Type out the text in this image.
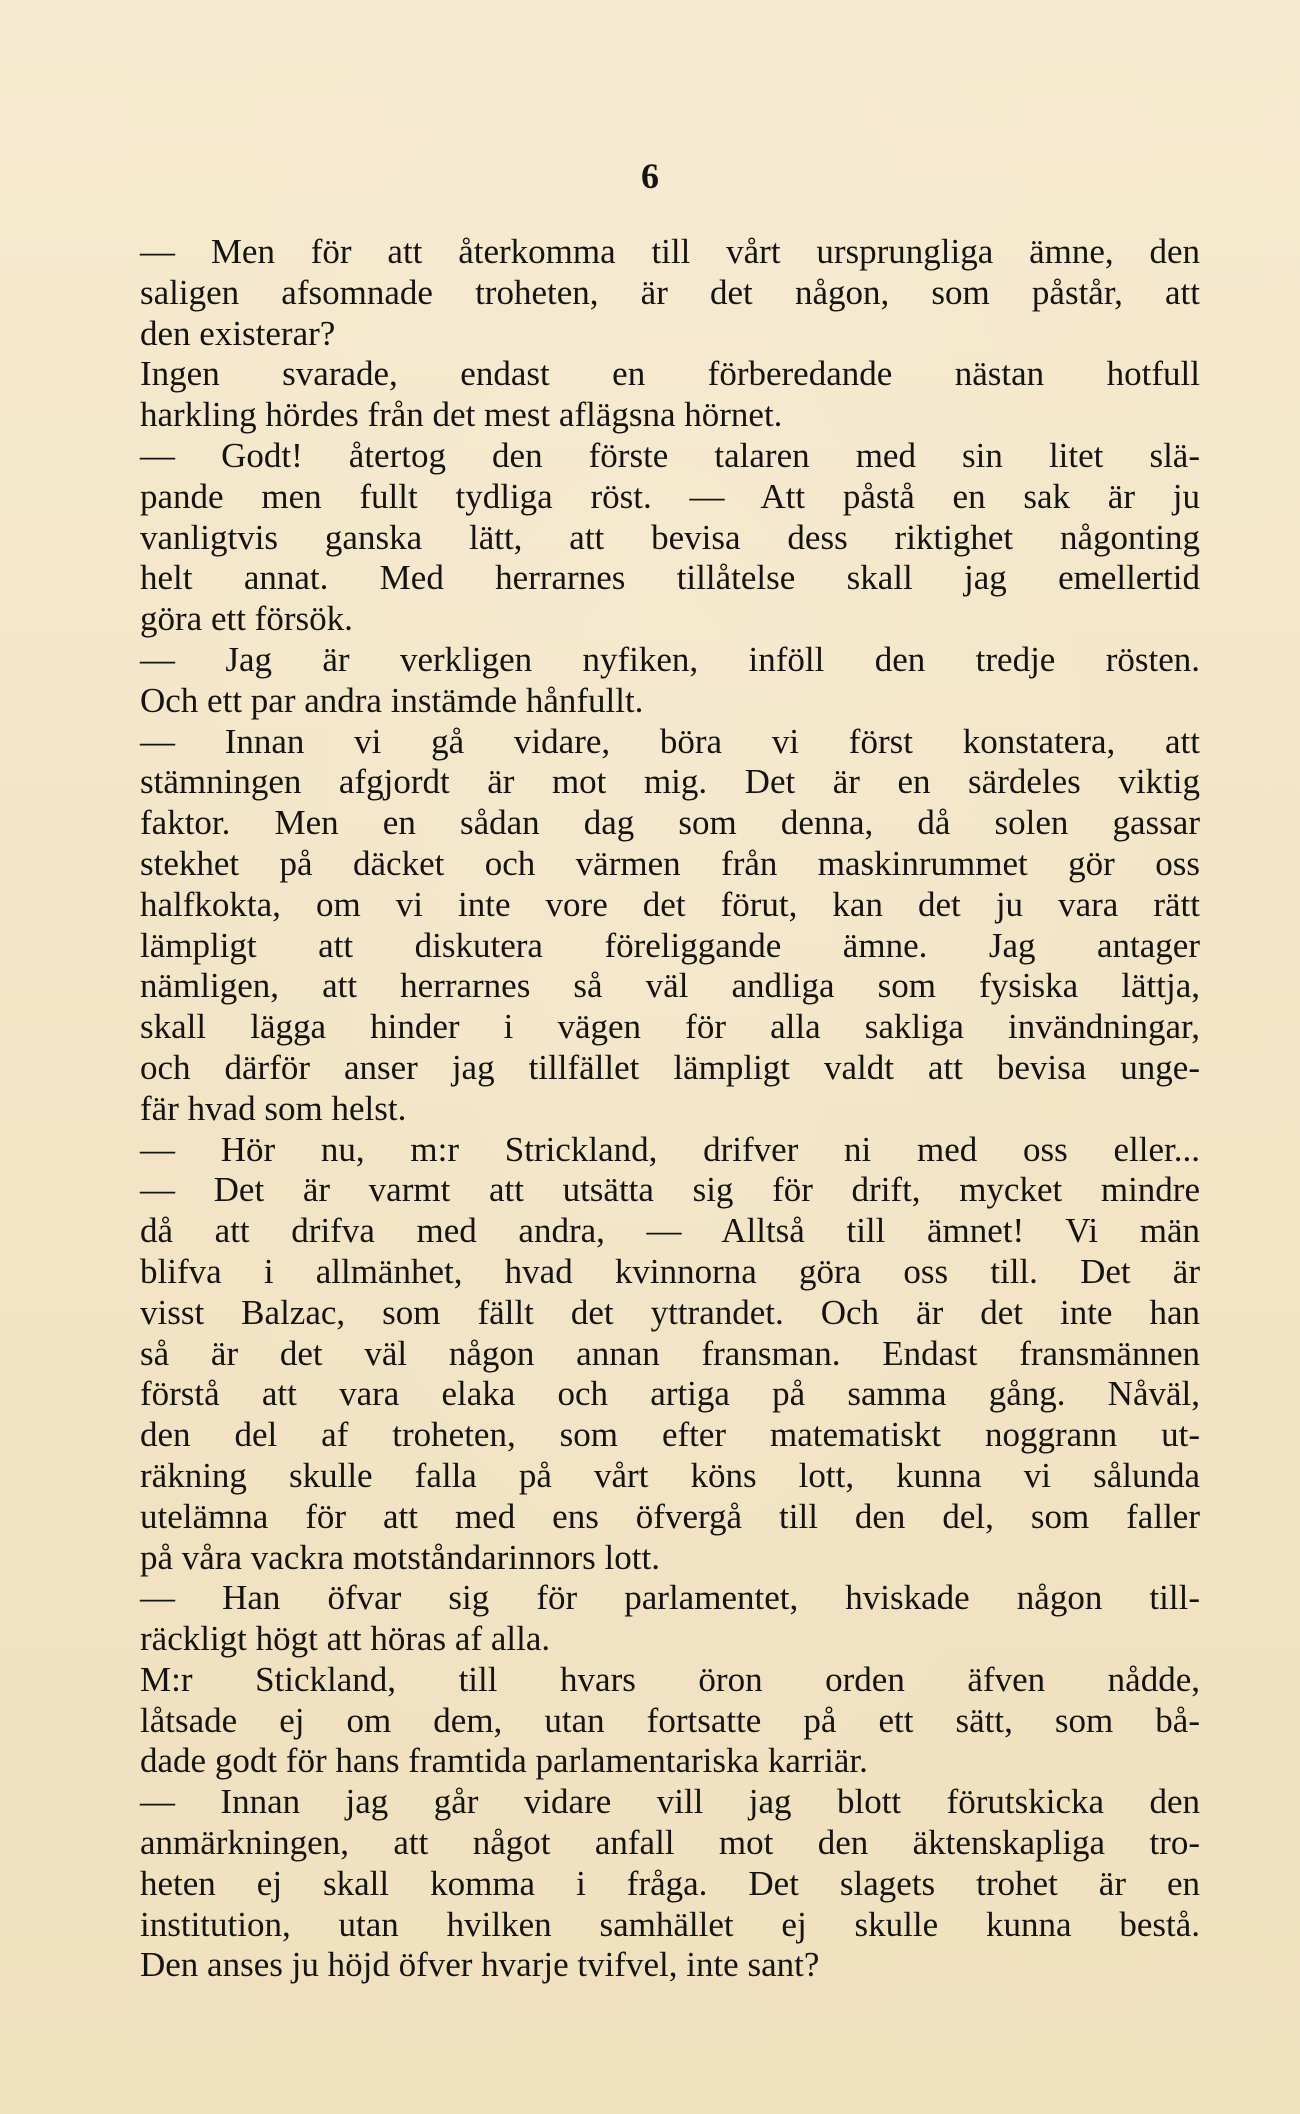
6
— Men för att återkomma till vårt ursprungliga ämne, den
saligen afsomnade troheten, är det någon, som påstår, att
den existerar?
Ingen svarade, endast en förberedande nästan hotfull
harkling hördes från det mest aflägsna hörnet.
— Godt! återtog den förste talaren med sin litet slä-
pande men fullt tydliga röst. — Att påstå en sak är ju
vanligtvis ganska lätt, att bevisa dess riktighet någonting
helt annat. Med herrarnes tillåtelse skall jag emellertid
göra ett försök.
— Jag är verkligen nyfiken, inföll den tredje rösten.
Och ett par andra instämde hånfullt.
— Innan vi gå vidare, böra vi först konstatera, att
stämningen afgjordt är mot mig. Det är en särdeles viktig
faktor. Men en sådan dag som denna, då solen gassar
stekhet på däcket och värmen från maskinrummet gör oss
halfkokta, om vi inte vore det förut, kan det ju vara rätt
lämpligt att diskutera föreliggande ämne. Jag antager
nämligen, att herrarnes så väl andliga som fysiska lättja,
skall lägga hinder i vägen för alla sakliga invändningar,
och därför anser jag tillfället lämpligt valdt att bevisa unge-
fär hvad som helst.
— Hör nu, m:r Strickland, drifver ni med oss eller...
— Det är varmt att utsätta sig för drift, mycket mindre
då att drifva med andra, — Alltså till ämnet! Vi män
blifva i allmänhet, hvad kvinnorna göra oss till. Det är
visst Balzac, som fällt det yttrandet. Och är det inte han
så är det väl någon annan fransman. Endast fransmännen
förstå att vara elaka och artiga på samma gång. Nåväl,
den del af troheten, som efter matematiskt noggrann ut-
räkning skulle falla på vårt köns lott, kunna vi sålunda
utelämna för att med ens öfvergå till den del, som faller
på våra vackra motståndarinnors lott.
— Han öfvar sig för parlamentet, hviskade någon till-
räckligt högt att höras af alla.
M:r Stickland, till hvars öron orden äfven nådde,
låtsade ej om dem, utan fortsatte på ett sätt, som bå-
dade godt för hans framtida parlamentariska karriär.
— Innan jag går vidare vill jag blott förutskicka den
anmärkningen, att något anfall mot den äktenskapliga tro-
heten ej skall komma i fråga. Det slagets trohet är en
institution, utan hvilken samhället ej skulle kunna bestå.
Den anses ju höjd öfver hvarje tvifvel, inte sant?
